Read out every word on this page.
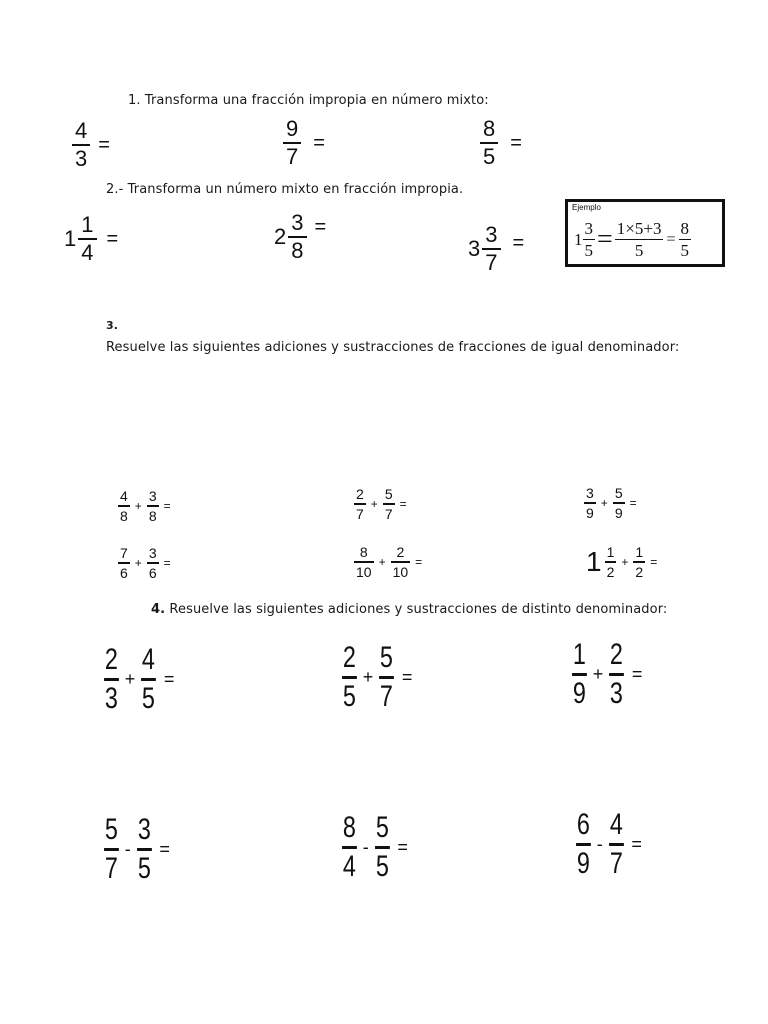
1. Transforma una fracción impropia en número mixto:
$\frac{4}{3}$ =	$\frac{9}{7}$ =	$\frac{8}{5}$ =
2.- Transforma un número mixto en fracción impropia.
$1 \frac{1}{4}$ =	$2 \frac{3}{8}$ =
$3 \frac{3}{7}$ =
Ejemplo
$1 \frac{3}{5} = \frac{1\times 5+3}{5} = \frac{8}{5}$
3.
Resuelve las siguientes adiciones y sustracciones de fracciones de igual denominador:
$\frac{4}{8} + \frac{3}{8}$ =	$\frac{2}{7} + \frac{5}{7}$ =	$\frac{3}{9} + \frac{5}{9}$ =
$\frac{7}{6} + \frac{3}{6}$ =	$\frac{8}{10} + \frac{2}{10}$ =	$1 \frac{1}{2} + \frac{1}{2}$ =
4. Resuelve las siguientes adiciones y sustracciones de distinto denominador:
$\frac{2}{3} + \frac{4}{5}$ =	$\frac{2}{5} + \frac{5}{7}$ =	$\frac{1}{9} + \frac{2}{3}$ =
$\frac{5}{7} - \frac{3}{5}$ =	$\frac{8}{4} - \frac{5}{5}$ =	$\frac{6}{9} - \frac{4}{7}$ =
